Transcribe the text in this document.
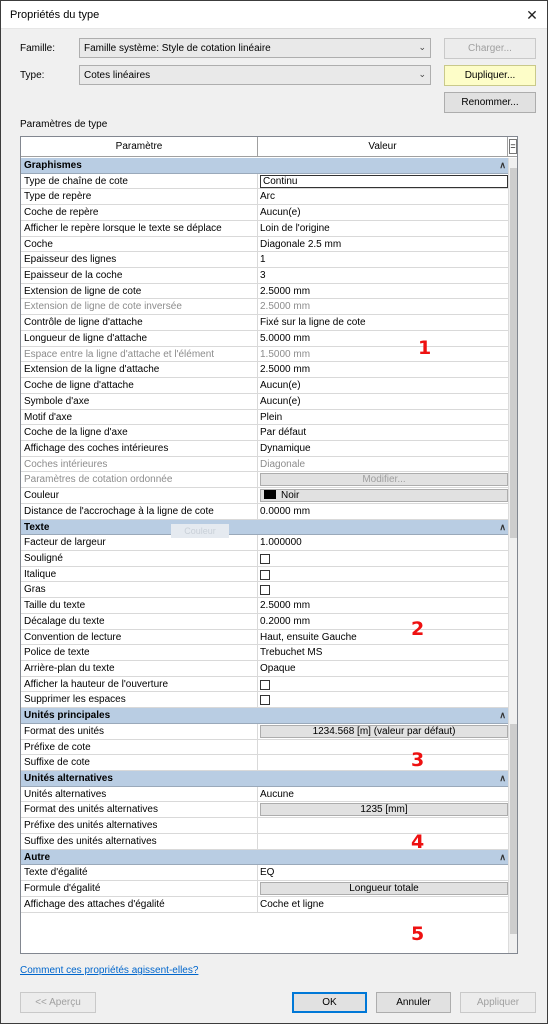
Propriétés du type	✕
Famille:	Famille système: Style de cotation linéaire	⌄	Charger...
Type:	Cotes linéaires	⌄	Dupliquer...
Renommer...
Paramètres de type
Paramètre	Valeur	=
Graphismes	∧
Type de chaîne de cote	Continu
Type de repère	Arc
Coche de repère	Aucun(e)
Afficher le repère lorsque le texte se déplace	Loin de l'origine
Coche	Diagonale 2.5 mm
Epaisseur des lignes	1
Epaisseur de la coche	3
Extension de ligne de cote	2.5000 mm
Extension de ligne de cote inversée	2.5000 mm
Contrôle de ligne d'attache	Fixé sur la ligne de cote
Longueur de ligne d'attache	5.0000 mm
Espace entre la ligne d'attache et l'élément	1.5000 mm
Extension de la ligne d'attache	2.5000 mm
Coche de ligne d'attache	Aucun(e)
Symbole d'axe	Aucun(e)
Motif d'axe	Plein
Coche de la ligne d'axe	Par défaut
Affichage des coches intérieures	Dynamique
Coches intérieures	Diagonale
Paramètres de cotation ordonnée	Modifier...
Couleur	Noir
Distance de l'accrochage à la ligne de cote	0.0000 mm
Texte	∧
Facteur de largeur	1.000000
Souligné
Italique
Gras
Taille du texte	2.5000 mm
Décalage du texte	0.2000 mm
Convention de lecture	Haut, ensuite Gauche
Police de texte	Trebuchet MS
Arrière-plan du texte	Opaque
Afficher la hauteur de l'ouverture
Supprimer les espaces
Unités principales	∧
Format des unités	1234.568 [m] (valeur par défaut)
Préfixe de cote
Suffixe de cote
Unités alternatives	∧
Unités alternatives	Aucune
Format des unités alternatives	1235 [mm]
Préfixe des unités alternatives
Suffixe des unités alternatives
Autre	∧
Texte d'égalité	EQ
Formule d'égalité	Longueur totale
Affichage des attaches d'égalité	Coche et ligne
Couleur
1
2
3
4
5
Comment ces propriétés agissent-elles?
<< Aperçu	OK	Annuler	Appliquer
